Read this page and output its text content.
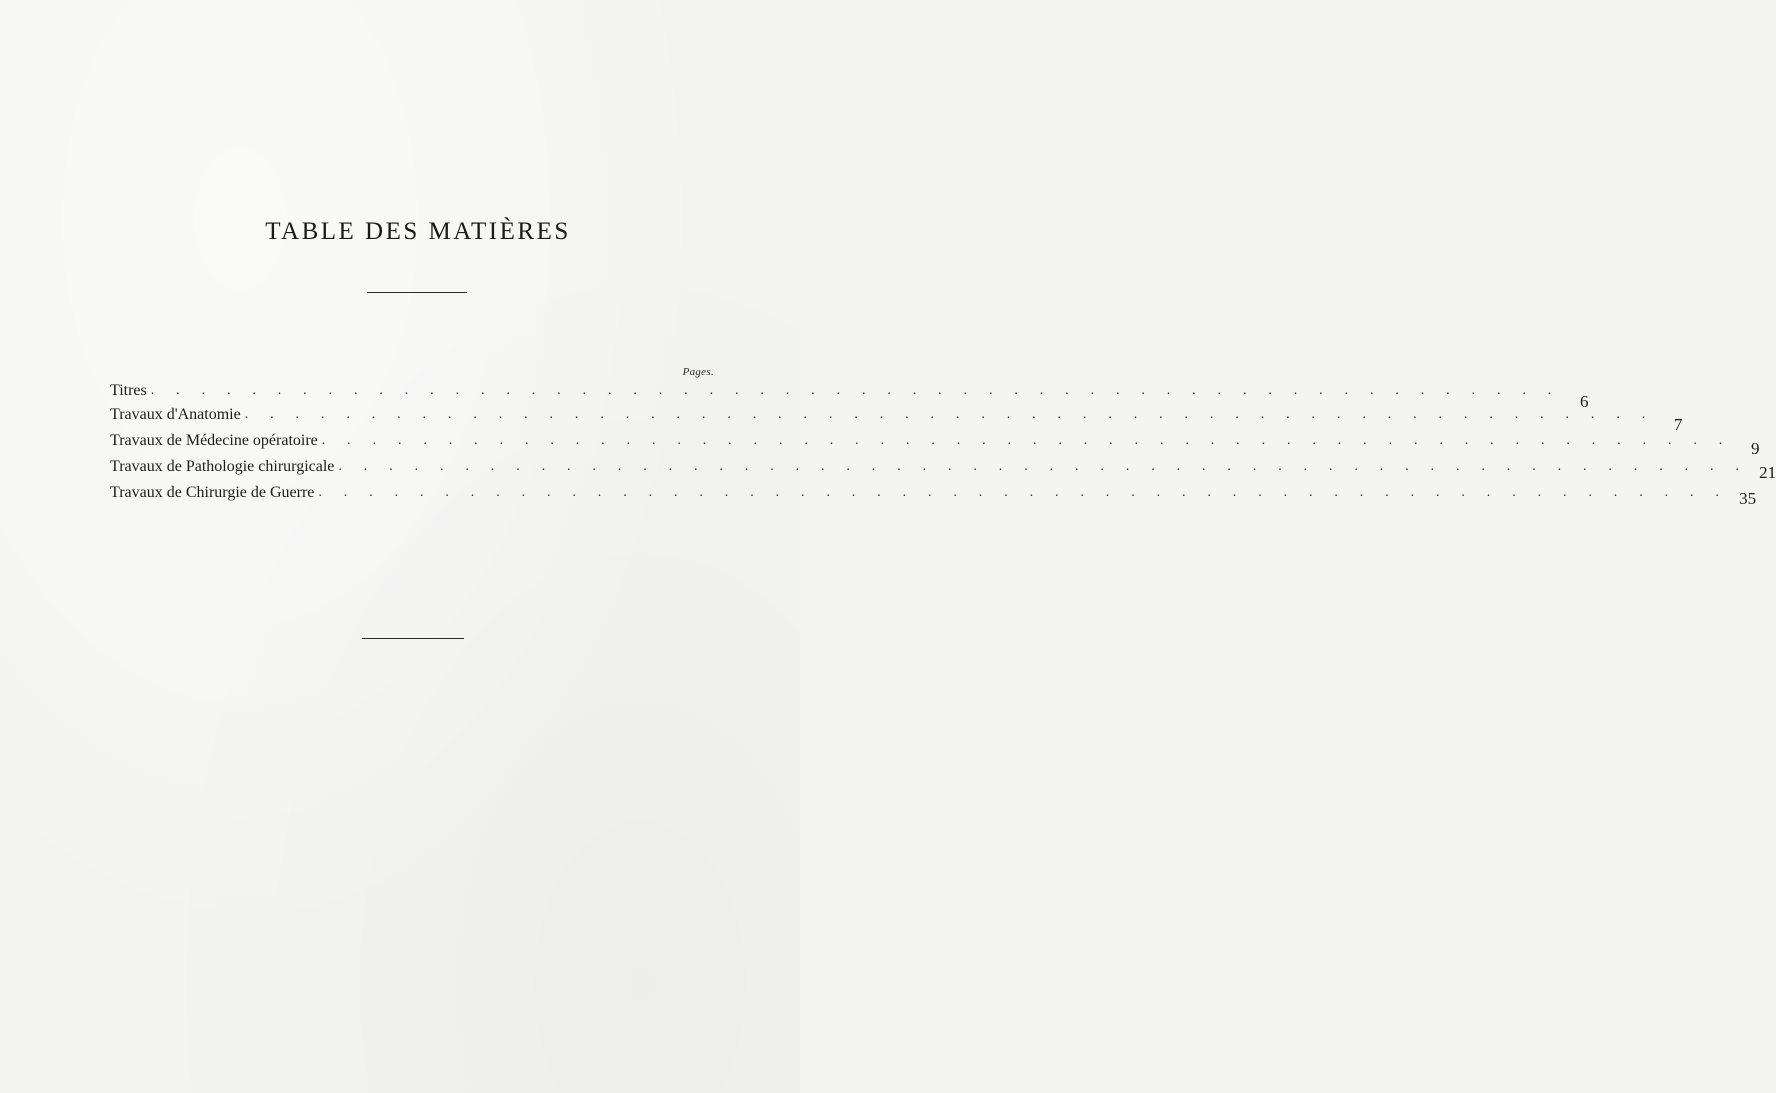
TABLE DES MATIÈRES
Pages.
Titres . . . . . . . . . . . . . . . . . . . . . . . . . . . . . . . . . . . . . . . . . . . . . . . . . . . . . . . .
6
Travaux d'Anatomie . . . . . . . . . . . . . . . . . . . . . . . . . . . . . . . . . . . . . . . . . . . . . . . . . . . . . . . .
7
Travaux de Médecine opératoire . . . . . . . . . . . . . . . . . . . . . . . . . . . . . . . . . . . . . . . . . . . . . . . . . . . . . . . .	9
Travaux de Pathologie chirurgicale . . . . . . . . . . . . . . . . . . . . . . . . . . . . . . . . . . . . . . . . . . . . . . . . . . . . . . . . 21
Travaux de Chirurgie de Guerre . . . . . . . . . . . . . . . . . . . . . . . . . . . . . . . . . . . . . . . . . . . . . . . . . . . . . . . . 35
